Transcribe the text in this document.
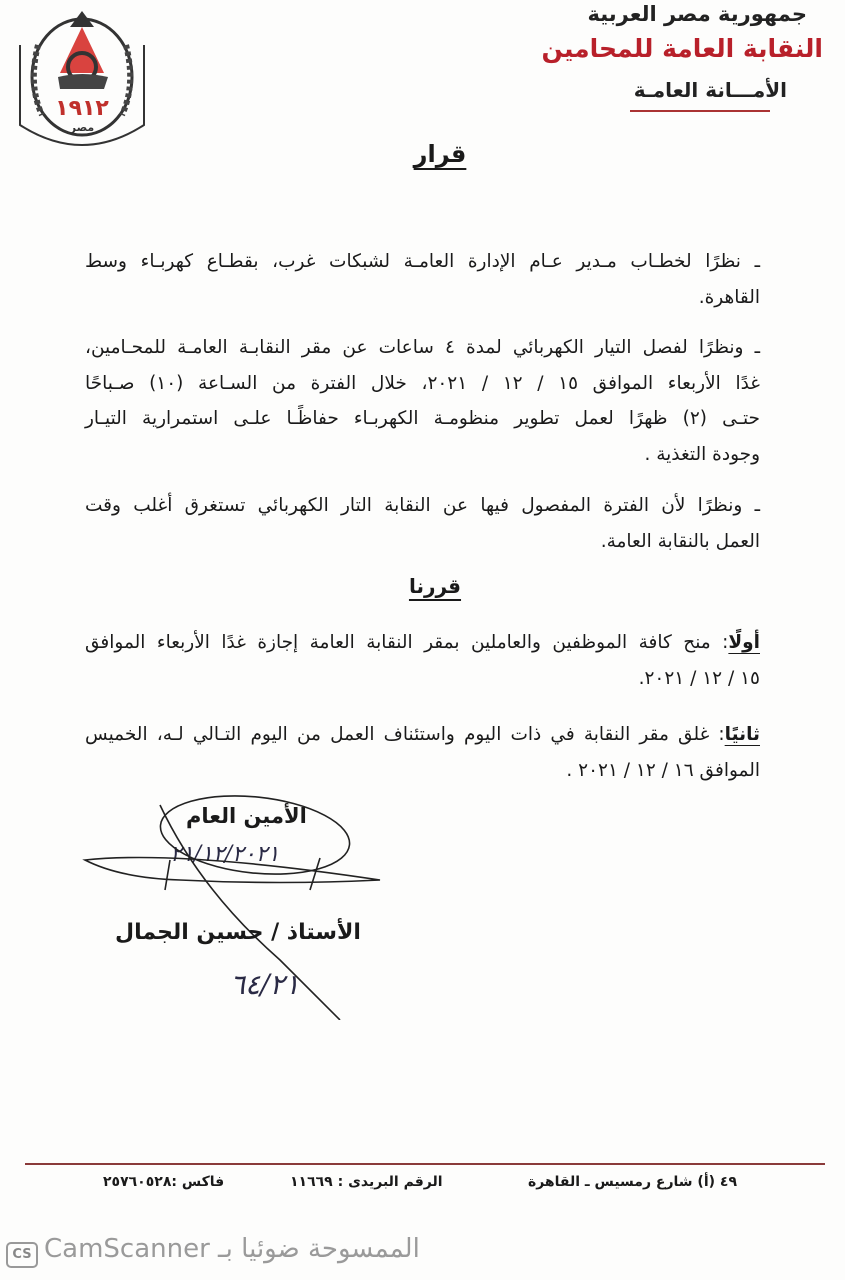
١٩١٢
مصر
جمهورية مصر العربية
النقابة العامة للمحامين
الأمـــانة العامـة
قرار
ـ نظرًا لخطـاب مـدير عـام الإدارة العامـة لشبكات غرب، بقطـاع كهربـاء وسط
القاهرة.
ـ ونظرًا لفصل التيار الكهربائي لمدة ٤ ساعات عن مقر النقابـة العامـة للمحـامين،
غدًا الأربعاء الموافق ١٥ / ١٢ / ٢٠٢١، خلال الفترة من السـاعة (١٠) صـباحًا
حتـى (٢) ظهرًا لعمل تطوير منظومـة الكهربـاء حفاظًـا علـى استمرارية التيـار
وجودة التغذية .
ـ ونظرًا لأن الفترة المفصول فيها عن النقابة التار الكهربائي تستغرق أغلب وقت
العمل بالنقابة العامة.
قررنا
أولًا: منح كافة الموظفين والعاملين بمقر النقابة العامة إجازة غدًا الأربعاء الموافق
١٥ / ١٢ / ٢٠٢١.
ثانيًا: غلق مقر النقابة في ذات اليوم واستئناف العمل من اليوم التـالي لـه، الخميس
الموافق ١٦ / ١٢ / ٢٠٢١ .
الأمين العام
٢١/١٢/٢٠٢١
الأستاذ / حسين الجمال
٦٤/٢١
٤٩ (أ) شارع رمسيس ـ القاهرة
الرقم البريدى : ١١٦٦٩
فاكس :٢٥٧٦٠٥٢٨
CS الممسوحة ضوئيا بـ CamScanner
